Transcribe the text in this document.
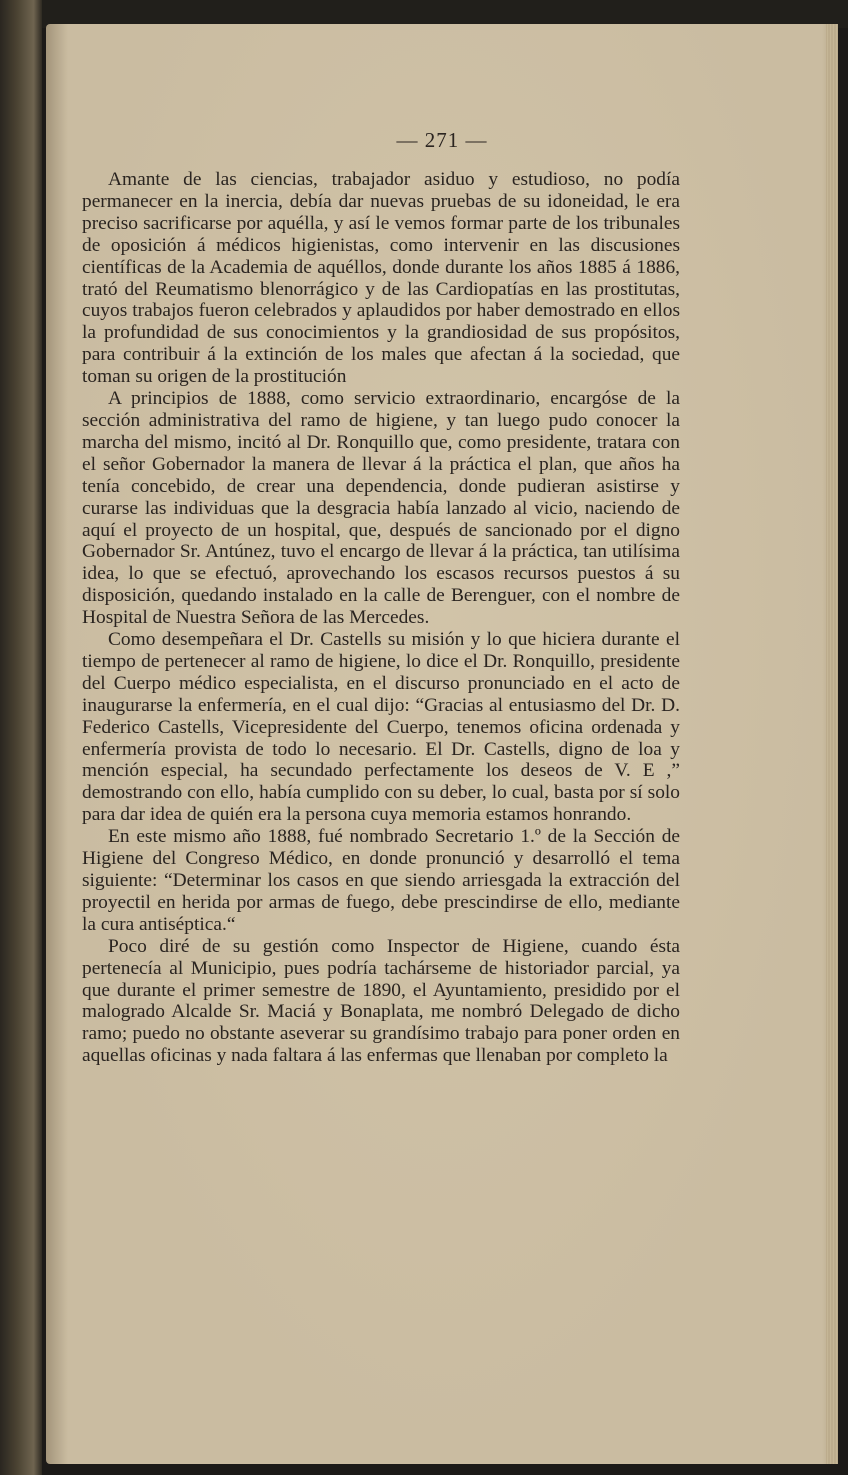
— 271 —

Amante de las ciencias, trabajador asiduo y estudioso, no podía permanecer en la inercia, debía dar nuevas pruebas de su idoneidad, le era preciso sacrificarse por aquélla, y así le vemos formar parte de los tribunales de oposición á médicos higienistas, como intervenir en las discusiones científicas de la Academia de aquéllos, donde durante los años 1885 á 1886, trató del Reumatismo blenorrágico y de las Cardiopatías en las prostitutas, cuyos trabajos fueron celebrados y aplaudidos por haber demostrado en ellos la profundidad de sus conocimientos y la grandiosidad de sus propósitos, para contribuir á la extinción de los males que afectan á la sociedad, que toman su origen de la prostitución

A principios de 1888, como servicio extraordinario, encargóse de la sección administrativa del ramo de higiene, y tan luego pudo conocer la marcha del mismo, incitó al Dr. Ronquillo que, como presidente, tratara con el señor Gobernador la manera de llevar á la práctica el plan, que años ha tenía concebido, de crear una dependencia, donde pudieran asistirse y curarse las individuas que la desgracia había lanzado al vicio, naciendo de aquí el proyecto de un hospital, que, después de sancionado por el digno Gobernador Sr. Antúnez, tuvo el encargo de llevar á la práctica, tan utilísima idea, lo que se efectuó, aprovechando los escasos recursos puestos á su disposición, quedando instalado en la calle de Berenguer, con el nombre de Hospital de Nuestra Señora de las Mercedes.

Como desempeñara el Dr. Castells su misión y lo que hiciera durante el tiempo de pertenecer al ramo de higiene, lo dice el Dr. Ronquillo, presidente del Cuerpo médico especialista, en el discurso pronunciado en el acto de inaugurarse la enfermería, en el cual dijo: “Gracias al entusiasmo del Dr. D. Federico Castells, Vicepresidente del Cuerpo, tenemos oficina ordenada y enfermería provista de todo lo necesario. El Dr. Castells, digno de loa y mención especial, ha secundado perfectamente los deseos de V. E ,” demostrando con ello, había cumplido con su deber, lo cual, basta por sí solo para dar idea de quién era la persona cuya memoria estamos honrando.

En este mismo año 1888, fué nombrado Secretario 1.º de la Sección de Higiene del Congreso Médico, en donde pronunció y desarrolló el tema siguiente: “Determinar los casos en que siendo arriesgada la extracción del proyectil en herida por armas de fuego, debe prescindirse de ello, mediante la cura antiséptica.“

Poco diré de su gestión como Inspector de Higiene, cuando ésta pertenecía al Municipio, pues podría tachárseme de historiador parcial, ya que durante el primer semestre de 1890, el Ayuntamiento, presidido por el malogrado Alcalde Sr. Maciá y Bonaplata, me nombró Delegado de dicho ramo; puedo no obstante aseverar su grandísimo trabajo para poner orden en aquellas oficinas y nada faltara á las enfermas que llenaban por completo la
